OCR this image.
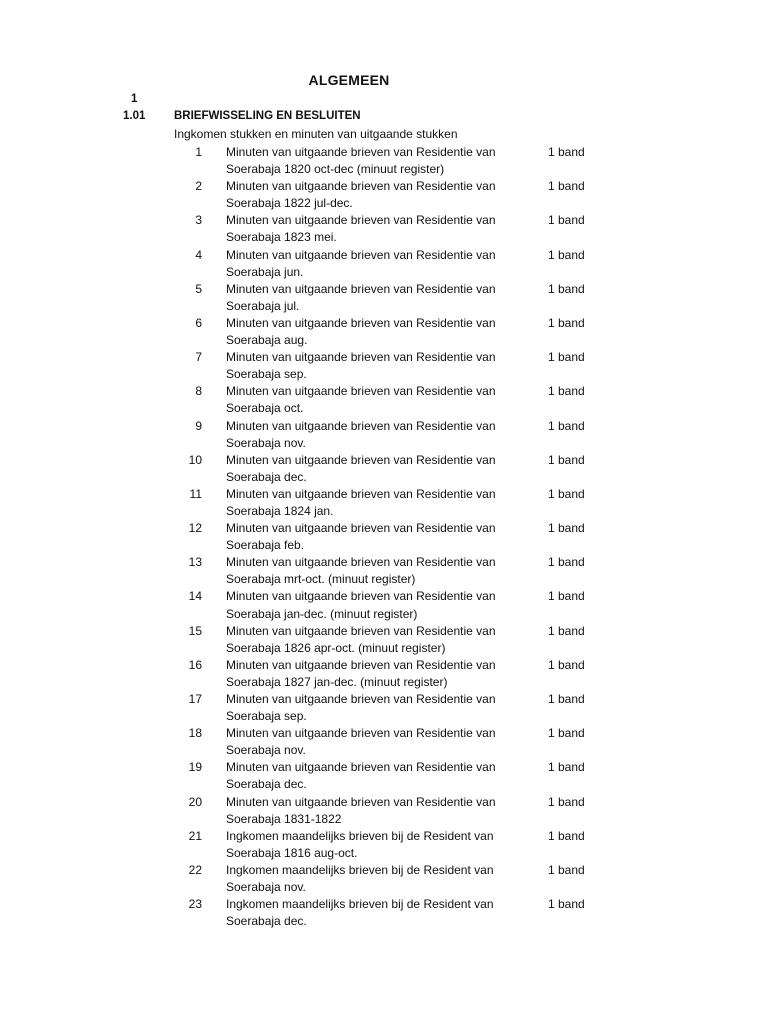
ALGEMEEN
1
1.01 BRIEFWISSELING EN BESLUITEN
Ingkomen stukken en minuten van uitgaande stukken
1 Minuten van uitgaande brieven van Residentie van
Soerabaja 1820 oct-dec (minuut register)
1 band
2 Minuten van uitgaande brieven van Residentie van
Soerabaja 1822 jul-dec.
1 band
3 Minuten van uitgaande brieven van Residentie van
Soerabaja 1823 mei.
1 band
4 Minuten van uitgaande brieven van Residentie van
Soerabaja jun.
1 band
5 Minuten van uitgaande brieven van Residentie van
Soerabaja jul.
1 band
6 Minuten van uitgaande brieven van Residentie van
Soerabaja aug.
1 band
7 Minuten van uitgaande brieven van Residentie van
Soerabaja sep.
1 band
8 Minuten van uitgaande brieven van Residentie van
Soerabaja oct.
1 band
9 Minuten van uitgaande brieven van Residentie van
Soerabaja nov.
1 band
10 Minuten van uitgaande brieven van Residentie van
Soerabaja dec.
1 band
11 Minuten van uitgaande brieven van Residentie van
Soerabaja 1824 jan.
1 band
12 Minuten van uitgaande brieven van Residentie van
Soerabaja feb.
1 band
13 Minuten van uitgaande brieven van Residentie van
Soerabaja mrt-oct. (minuut register)
1 band
14 Minuten van uitgaande brieven van Residentie van
Soerabaja jan-dec. (minuut register)
1 band
15 Minuten van uitgaande brieven van Residentie van
Soerabaja 1826 apr-oct. (minuut register)
1 band
16 Minuten van uitgaande brieven van Residentie van
Soerabaja 1827 jan-dec. (minuut register)
1 band
17 Minuten van uitgaande brieven van Residentie van
Soerabaja sep.
1 band
18 Minuten van uitgaande brieven van Residentie van
Soerabaja nov.
1 band
19 Minuten van uitgaande brieven van Residentie van
Soerabaja dec.
1 band
20 Minuten van uitgaande brieven van Residentie van
Soerabaja 1831-1822
1 band
21 Ingkomen maandelijks brieven bij de Resident van
Soerabaja 1816 aug-oct.
1 band
22 Ingkomen maandelijks brieven bij de Resident van
Soerabaja nov.
1 band
23 Ingkomen maandelijks brieven bij de Resident van
Soerabaja dec.
1 band
